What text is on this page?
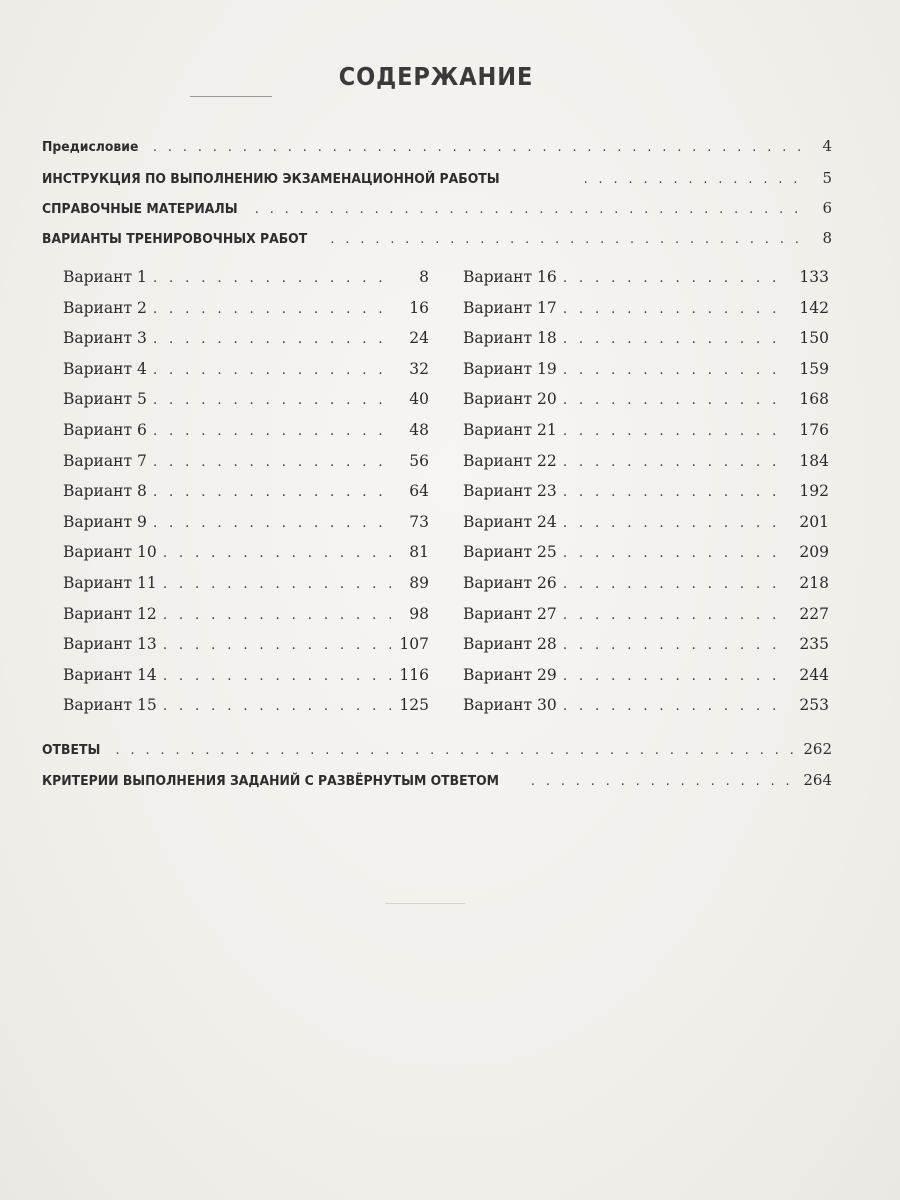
СОДЕРЖАНИЕ
Предисловие . . .	4
ИНСТРУКЦИЯ ПО ВЫПОЛНЕНИЮ ЭКЗАМЕНАЦИОННОЙ РАБОТЫ . . .	5
СПРАВОЧНЫЕ МАТЕРИАЛЫ . . .	6
ВАРИАНТЫ ТРЕНИРОВОЧНЫХ РАБОТ . . .	8
Вариант 1 . . .	8
Вариант 2 . . .	16
Вариант 3 . . .	24
Вариант 4 . . .	32
Вариант 5 . . .	40
Вариант 6 . . .	48
Вариант 7 . . .	56
Вариант 8 . . .	64
Вариант 9 . . .	73
Вариант 10 . . .	81
Вариант 11 . . .	89
Вариант 12 . . .	98
Вариант 13 . . .	107
Вариант 14 . . .	116
Вариант 15 . . .	125
Вариант 16 . . .	133
Вариант 17 . . .	142
Вариант 18 . . .	150
Вариант 19 . . .	159
Вариант 20 . . .	168
Вариант 21 . . .	176
Вариант 22 . . .	184
Вариант 23 . . .	192
Вариант 24 . . .	201
Вариант 25 . . .	209
Вариант 26 . . .	218
Вариант 27 . . .	227
Вариант 28 . . .	235
Вариант 29 . . .	244
Вариант 30 . . .	253
ОТВЕТЫ . . .	262
КРИТЕРИИ ВЫПОЛНЕНИЯ ЗАДАНИЙ С РАЗВЁРНУТЫМ ОТВЕТОМ . . .	264
